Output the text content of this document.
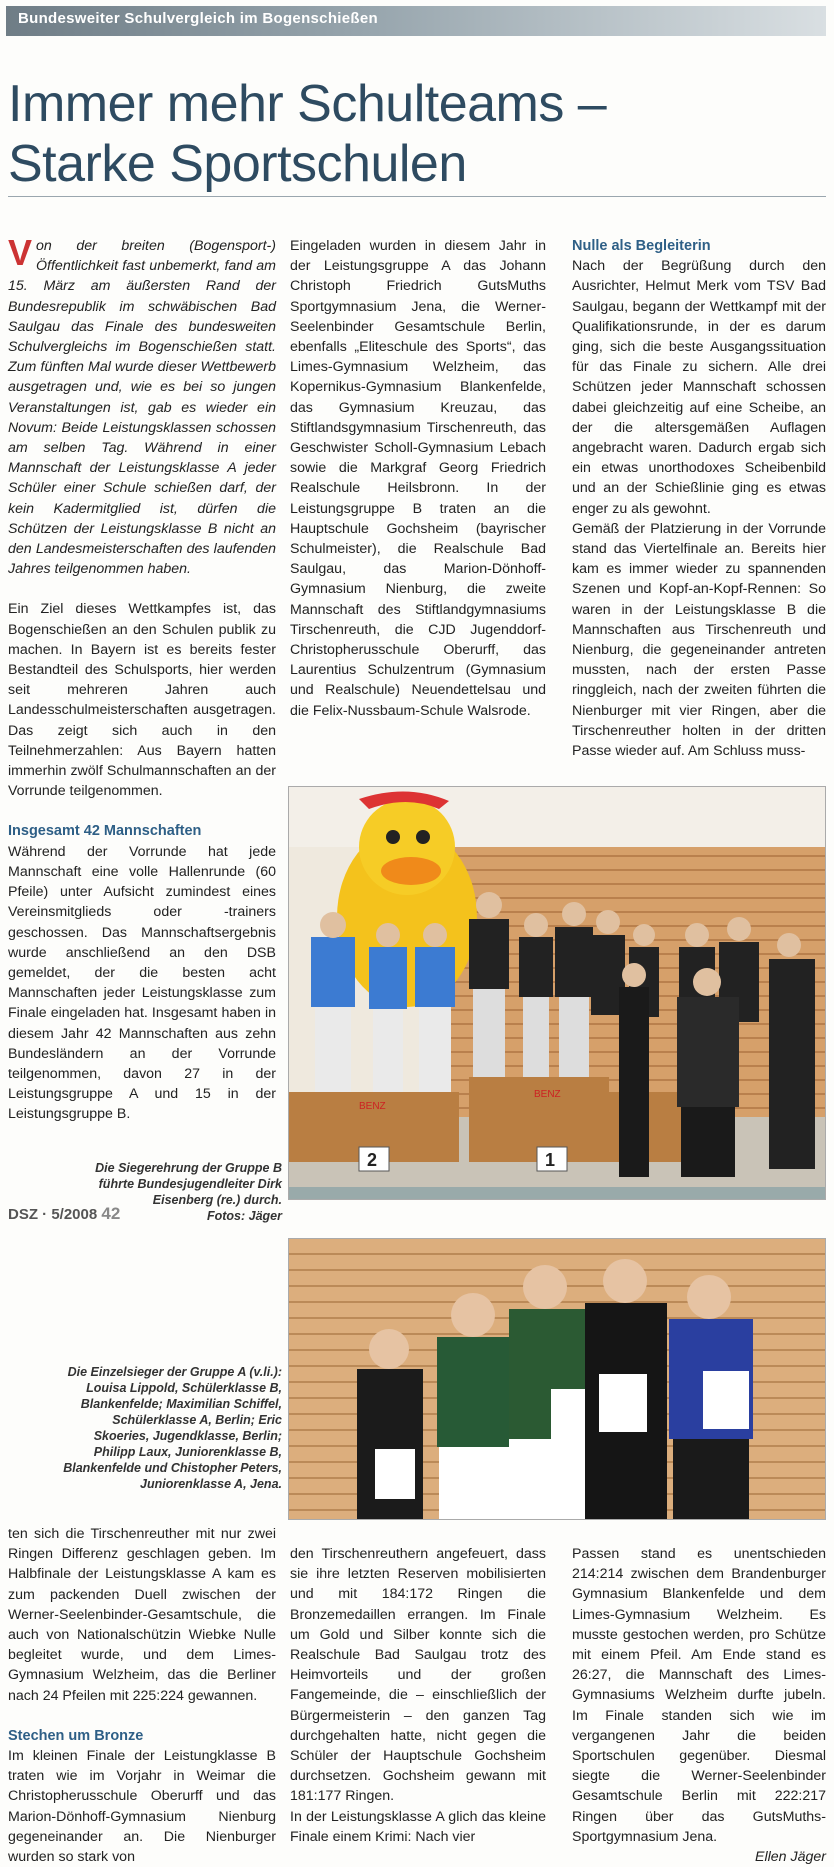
Bundesweiter Schulvergleich im Bogenschießen
Immer mehr Schulteams –
Starke Sportschulen

Von der breiten (Bogensport-) Öffentlichkeit fast unbemerkt, fand am 15. März am äußersten Rand der Bundesrepublik im schwäbischen Bad Saulgau das Finale des bundesweiten Schulvergleichs im Bogenschießen statt. Zum fünften Mal wurde dieser Wettbewerb ausgetragen und, wie es bei so jungen Veranstaltungen ist, gab es wieder ein Novum: Beide Leistungsklassen schossen am selben Tag. Während in einer Mannschaft der Leistungsklasse A jeder Schüler einer Schule schießen darf, der kein Kadermitglied ist, dürfen die Schützen der Leistungsklasse B nicht an den Landesmeisterschaften des laufenden Jahres teilgenommen haben.

Ein Ziel dieses Wettkampfes ist, das Bogenschießen an den Schulen publik zu machen. In Bayern ist es bereits fester Bestandteil des Schulsports, hier werden seit mehreren Jahren auch Landesschulmeisterschaften ausgetragen. Das zeigt sich auch in den Teilnehmerzahlen: Aus Bayern hatten immerhin zwölf Schulmannschaften an der Vorrunde teilgenommen.

Insgesamt 42 Mannschaften

Während der Vorrunde hat jede Mannschaft eine volle Hallenrunde (60 Pfeile) unter Aufsicht zumindest eines Vereinsmitglieds oder -trainers geschossen. Das Mannschaftsergebnis wurde anschließend an den DSB gemeldet, der die besten acht Mannschaften jeder Leistungsklasse zum Finale eingeladen hat. Insgesamt haben in diesem Jahr 42 Mannschaften aus zehn Bundesländern an der Vorrunde teilgenommen, davon 27 in der Leistungsgruppe A und 15 in der Leistungsgruppe B.

Eingeladen wurden in diesem Jahr in der Leistungsgruppe A das Johann Christoph Friedrich GutsMuths Sportgymnasium Jena, die Werner-Seelenbinder Gesamtschule Berlin, ebenfalls „Eliteschule des Sports“, das Limes-Gymnasium Welzheim, das Kopernikus-Gymnasium Blankenfelde, das Gymnasium Kreuzau, das Stiftlandsgymnasium Tirschenreuth, das Geschwister Scholl-Gymnasium Lebach sowie die Markgraf Georg Friedrich Realschule Heilsbronn. In der Leistungsgruppe B traten an die Hauptschule Gochsheim (bayrischer Schulmeister), die Realschule Bad Saulgau, das Marion-Dönhoff-Gymnasium Nienburg, die zweite Mannschaft des Stiftlandgymnasiums Tirschenreuth, die CJD Jugenddorf-Christopherusschule Oberurff, das Laurentius Schulzentrum (Gymnasium und Realschule) Neuendettelsau und die Felix-Nussbaum-Schule Walsrode.

Nulle als Begleiterin

Nach der Begrüßung durch den Ausrichter, Helmut Merk vom TSV Bad Saulgau, begann der Wettkampf mit der Qualifikationsrunde, in der es darum ging, sich die beste Ausgangssituation für das Finale zu sichern. Alle drei Schützen jeder Mannschaft schossen dabei gleichzeitig auf eine Scheibe, an der die altersgemäßen Auflagen angebracht waren. Dadurch ergab sich ein etwas unorthodoxes Scheibenbild und an der Schießlinie ging es etwas enger zu als gewohnt.

Gemäß der Platzierung in der Vorrunde stand das Viertelfinale an. Bereits hier kam es immer wieder zu spannenden Szenen und Kopf-an-Kopf-Rennen: So waren in der Leistungsklasse B die Mannschaften aus Tirschenreuth und Nienburg, die gegeneinander antreten mussten, nach der ersten Passe ringgleich, nach der zweiten führten die Nienburger mit vier Ringen, aber die Tirschenreuther holten in der dritten Passe wieder auf. Am Schluss muss-

BENZ
BENZ
2	1
Die Siegerehrung der Gruppe B führte Bundesjugendleiter Dirk Eisenberg (re.) durch.
Fotos: Jäger
DSZ · 5/2008 42
Die Einzelsieger der Gruppe A (v.li.): Louisa Lippold, Schülerklasse B, Blankenfelde; Maximilian Schiffel, Schülerklasse A, Berlin; Eric Skoeries, Jugendklasse, Berlin; Philipp Laux, Juniorenklasse B, Blankenfelde und Chistopher Peters, Juniorenklasse A, Jena.

ten sich die Tirschenreuther mit nur zwei Ringen Differenz geschlagen geben. Im Halbfinale der Leistungsklasse A kam es zum packenden Duell zwischen der Werner-Seelenbinder-Gesamtschule, die auch von Nationalschützin Wiebke Nulle begleitet wurde, und dem Limes-Gymnasium Welzheim, das die Berliner nach 24 Pfeilen mit 225:224 gewannen.

Stechen um Bronze

Im kleinen Finale der Leistungklasse B traten wie im Vorjahr in Weimar die Christopherusschule Oberurff und das Marion-Dönhoff-Gymnasium Nienburg gegeneinander an. Die Nienburger wurden so stark von

den Tirschenreuthern angefeuert, dass sie ihre letzten Reserven mobilisierten und mit 184:172 Ringen die Bronzemedaillen errangen. Im Finale um Gold und Silber konnte sich die Realschule Bad Saulgau trotz des Heimvorteils und der großen Fangemeinde, die – einschließlich der Bürgermeisterin – den ganzen Tag durchgehalten hatte, nicht gegen die Schüler der Hauptschule Gochsheim durchsetzen. Gochsheim gewann mit 181:177 Ringen.

In der Leistungsklasse A glich das kleine Finale einem Krimi: Nach vier

Passen stand es unentschieden 214:214 zwischen dem Brandenburger Gymnasium Blankenfelde und dem Limes-Gymnasium Welzheim. Es musste gestochen werden, pro Schütze mit einem Pfeil. Am Ende stand es 26:27, die Mannschaft des Limes-Gymnasiums Welzheim durfte jubeln. Im Finale standen sich wie im vergangenen Jahr die beiden Sportschulen gegenüber. Diesmal siegte die Werner-Seelenbinder Gesamtschule Berlin mit 222:217 Ringen über das GutsMuths-Sportgymnasium Jena.

Ellen Jäger
